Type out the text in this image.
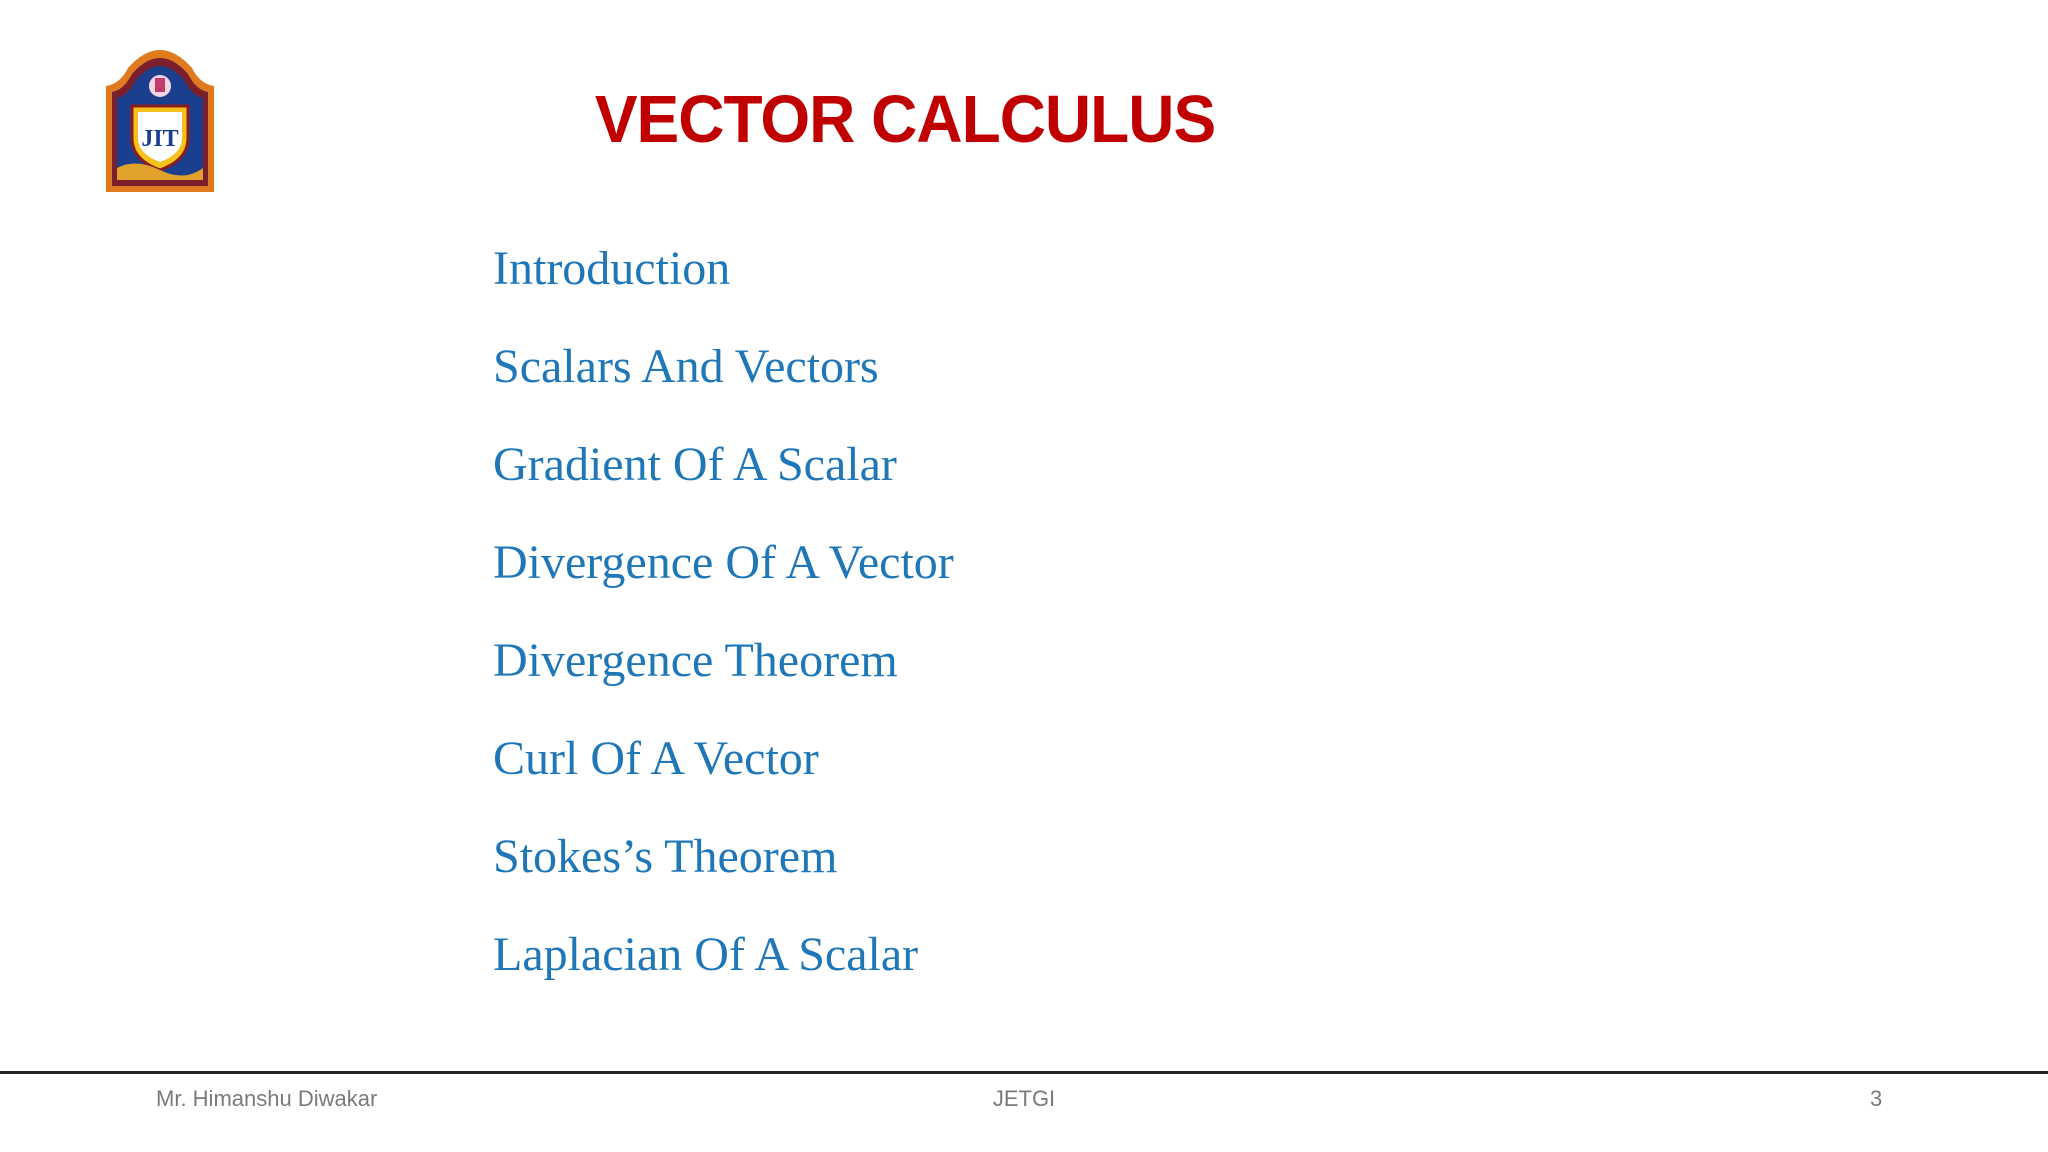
JIT	VECTOR CALCULUS
Introduction
Scalars And Vectors
Gradient Of A Scalar
Divergence Of A Vector
Divergence Theorem
Curl Of A Vector
Stokes’s Theorem
Laplacian Of A Scalar
Mr. Himanshu Diwakar	JETGI	3
